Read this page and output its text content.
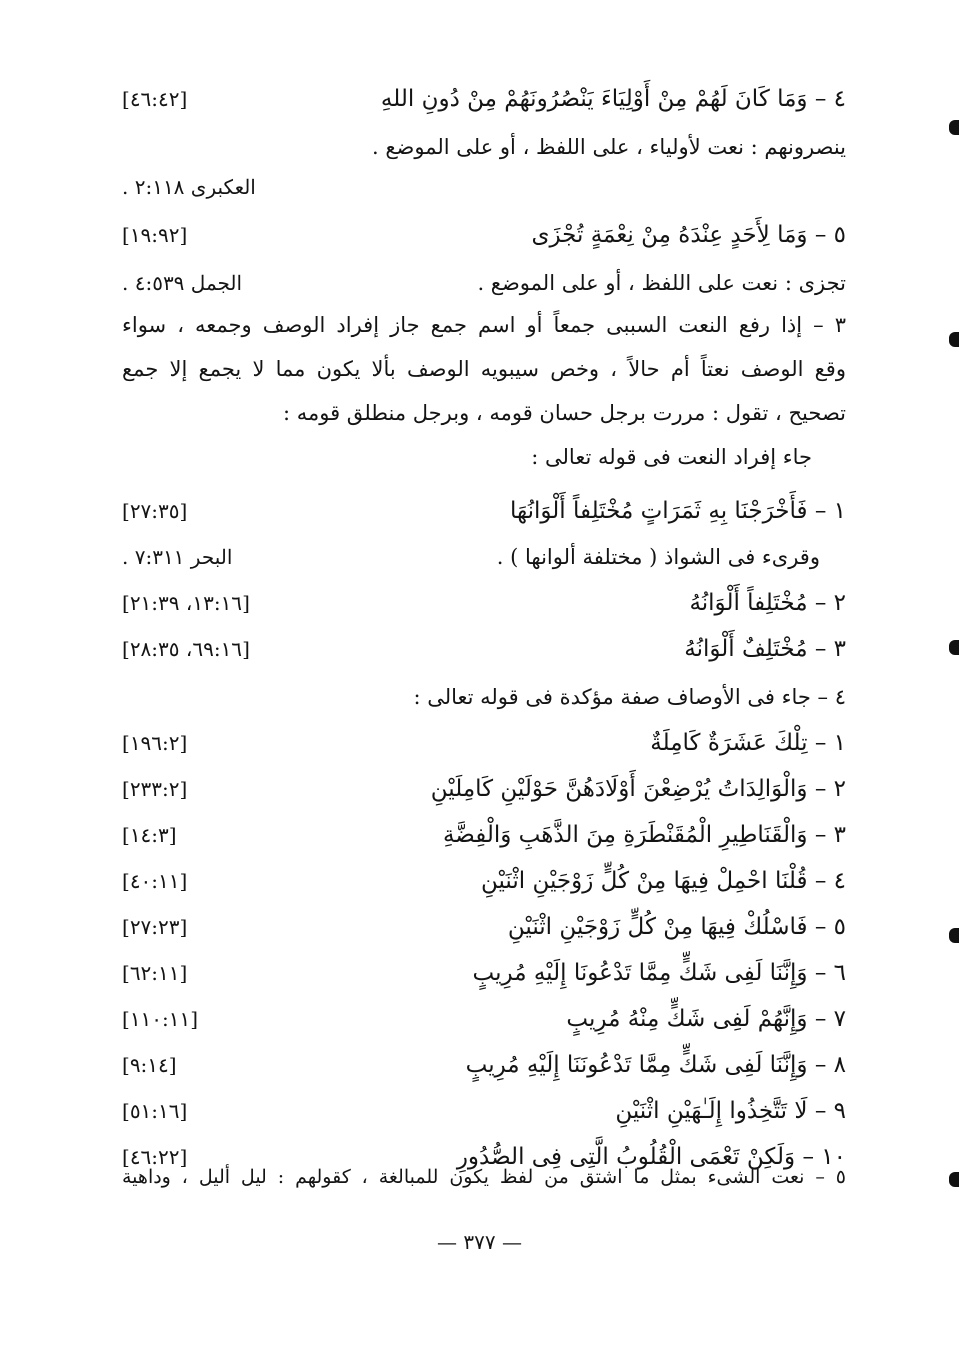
٤ – وَمَا كَانَ لَهُمْ مِنْ أَوْلِيَاءَ يَنْصُرُونَهُمْ مِنْ دُونِ اللهِ
[٤٦:٤٢]
ينصرونهم : نعت لأولياء ، على اللفظ ، أو على الموضع .
العكبرى ٢:١١٨ .
٥ – وَمَا لِأَحَدٍ عِنْدَهُ مِنْ نِعْمَةٍ تُجْزَى
[١٩:٩٢]
تجزى : نعت على اللفظ ، أو على الموضع .
الجمل ٤:٥٣٩ .
٣ – إذا رفع النعت السببى جمعاً أو اسم جمع جاز إفراد الوصف وجمعه ، سواء
وقع الوصف نعتاً أم حالاً ، وخص سيبويه الوصف بألا يكون مما لا يجمع إلا جمع
تصحيح ، تقول : مررت برجل حسان قومه ، وبرجل منطلق قومه :
جاء إفراد النعت فى قوله تعالى :
١ – فَأَخْرَجْنَا بِهِ ثَمَرَاتٍ مُخْتَلِفاً أَلْوَانُهَا
[٢٧:٣٥]
وقرىء فى الشواذ ( مختلفة ألوانها ) .
البحر ٧:٣١١ .
٢ – مُخْتَلِفاً أَلْوَانُهُ
[١٣:١٦، ٢١:٣٩]
٣ – مُخْتَلِفٌ أَلْوَانُهُ
[٦٩:١٦، ٢٨:٣٥]
٤ – جاء فى الأوصاف صفة مؤكدة فى قوله تعالى :
١ – تِلْكَ عَشَرَةٌ كَامِلَةٌ
[١٩٦:٢]
٢ – وَالْوَالِدَاتُ يُرْضِعْنَ أَوْلَادَهُنَّ حَوْلَيْنِ كَامِلَيْنِ
[٢٣٣:٢]
٣ – وَالْقَنَاطِيرِ الْمُقَنْطَرَةِ مِنَ الذَّهَبِ وَالْفِضَّةِ
[١٤:٣]
٤ – قُلْنَا احْمِلْ فِيهَا مِنْ كُلٍّ زَوْجَيْنِ اثْنَيْنِ
[٤٠:١١]
٥ – فَاسْلُكْ فِيهَا مِنْ كُلٍّ زَوْجَيْنِ اثْنَيْنِ
[٢٧:٢٣]
٦ – وَإِنَّنَا لَفِى شَكٍّ مِمَّا تَدْعُونَا إِلَيْهِ مُرِيبٍ
[٦٢:١١]
٧ – وَإِنَّهُمْ لَفِى شَكٍّ مِنْهُ مُرِيبٍ
[١١٠:١١]
٨ – وَإِنَّنَا لَفِى شَكٍّ مِمَّا تَدْعُونَنَا إِلَيْهِ مُرِيبٍ
[٩:١٤]
٩ – لَا تَتَّخِذُوا إِلَـٰهَيْنِ اثْنَيْنِ
[٥١:١٦]
١٠ – وَلَكِنْ تَعْمَى الْقُلُوبُ الَّتِى فِى الصُّدُورِ
[٤٦:٢٢]
٥ – نعت الشىء بمثل ما اشتق من لفظ يكون للمبالغة ، كقولهم : ليل أليل ، وداهية
— ٣٧٧ —
